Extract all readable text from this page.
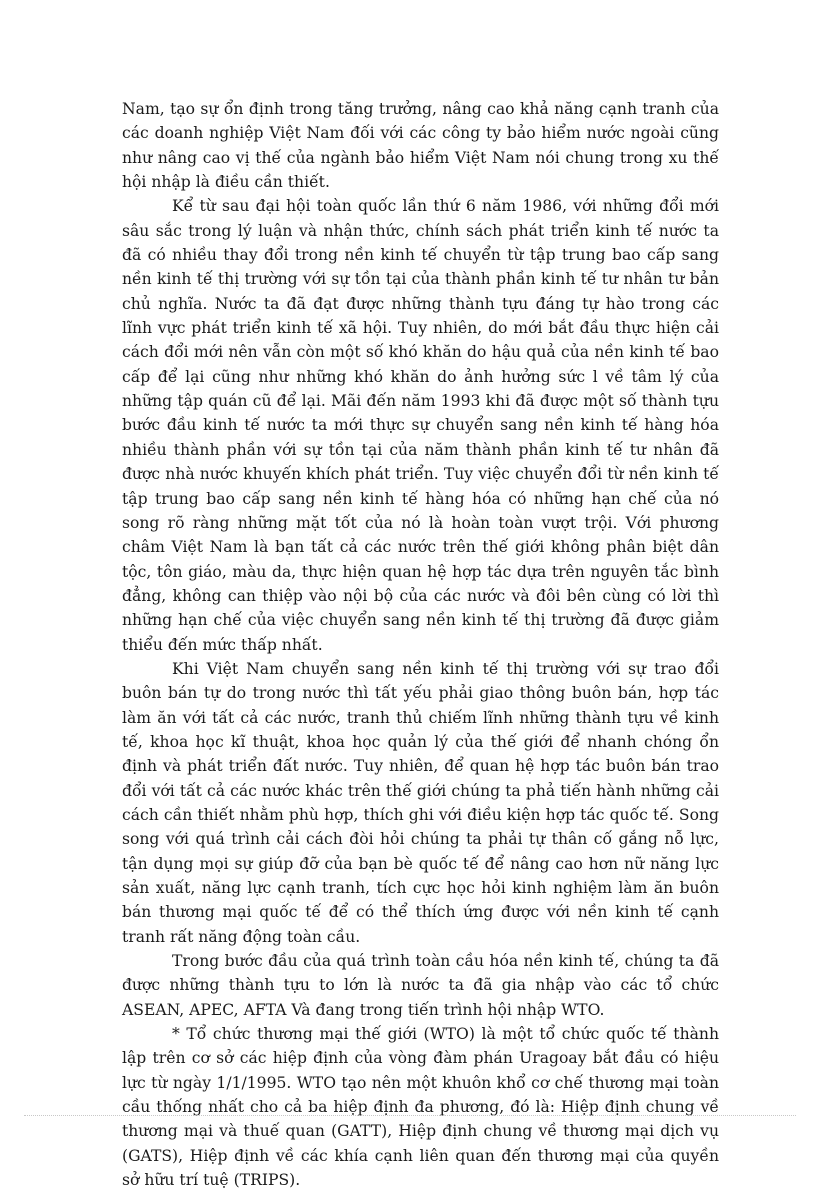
Nam, tạo sự ổn định trong tăng trưởng, nâng cao khả năng cạnh tranh của các doanh nghiệp Việt Nam đối với các công ty bảo hiểm nước ngoài cũng như nâng cao vị thế của ngành bảo hiểm Việt Nam nói chung trong xu thế hội nhập là điều cần thiết.

Kể từ sau đại hội toàn quốc lần thứ 6 năm 1986, với những đổi mới sâu sắc trong lý luận và nhận thức, chính sách phát triển kinh tế nước ta đã có nhiều thay đổi trong nền kinh tế chuyển từ tập trung bao cấp sang nền kinh tế thị trường với sự tồn tại của thành phần kinh tế tư nhân tư bản chủ nghĩa. Nước ta đã đạt được những thành tựu đáng tự hào trong các lĩnh vực phát triển kinh tế xã hội. Tuy nhiên, do mới bắt đầu thực hiện cải cách đổi mới nên vẫn còn một số khó khăn do hậu quả của nền kinh tế bao cấp để lại cũng như những khó khăn do ảnh hưởng sức l về tâm lý của những tập quán cũ để lại. Mãi đến năm 1993 khi đã được một số thành tựu bước đầu kinh tế nước ta mới thực sự chuyển sang nền kinh tế hàng hóa nhiều thành phần với sự tồn tại của năm thành phần kinh tế tư nhân đã được nhà nước khuyến khích phát triển. Tuy việc chuyển đổi từ nền kinh tế tập trung bao cấp sang nền kinh tế hàng hóa có những hạn chế của nó song rõ ràng những mặt tốt của nó là hoàn toàn vượt trội. Với phương châm Việt Nam là bạn tất cả các nước trên thế giới không phân biệt dân tộc, tôn giáo, màu da, thực hiện quan hệ hợp tác dựa trên nguyên tắc bình đẳng, không can thiệp vào nội bộ của các nước và đôi bên cùng có lời thì những hạn chế của việc chuyển sang nền kinh tế thị trường đã được giảm thiểu đến mức thấp nhất.

Khi Việt Nam chuyển sang nền kinh tế thị trường với sự trao đổi buôn bán tự do trong nước thì tất yếu phải giao thông buôn bán, hợp tác làm ăn với tất cả các nước, tranh thủ chiếm lĩnh những thành tựu về kinh tế, khoa học kĩ thuật, khoa học quản lý của thế giới để nhanh chóng ổn định và phát triển đất nước. Tuy nhiên, để quan hệ hợp tác buôn bán trao đổi với tất cả các nước khác trên thế giới chúng ta phả tiến hành những cải cách cần thiết nhằm phù hợp, thích ghi với điều kiện hợp tác quốc tế. Song song với quá trình cải cách đòi hỏi chúng ta phải tự thân cố gắng nỗ lực, tận dụng mọi sự giúp đỡ của bạn bè quốc tế để nâng cao hơn nữ năng lực sản xuất, năng lực cạnh tranh, tích cực học hỏi kinh nghiệm làm ăn buôn bán thương mại quốc tế để có thể thích ứng được với nền kinh tế cạnh tranh rất năng động toàn cầu.

Trong bước đầu của quá trình toàn cầu hóa nền kinh tế, chúng ta đã được những thành tựu to lớn là nước ta đã gia nhập vào các tổ chức ASEAN, APEC, AFTA Và đang trong tiến trình hội nhập WTO.

* Tổ chức thương mại thế giới (WTO) là một tổ chức quốc tế thành lập trên cơ sở các hiệp định của vòng đàm phán Uragoay bắt đầu có hiệu lực từ ngày 1/1/1995. WTO tạo nên một khuôn khổ cơ chế thương mại toàn cầu thống nhất cho cả ba hiệp định đa phương, đó là: Hiệp định chung về thương mại và thuế quan (GATT), Hiệp định chung về thương mại dịch vụ (GATS), Hiệp định về các khía cạnh liên quan đến thương mại của quyền sở hữu trí tuệ (TRIPS).
